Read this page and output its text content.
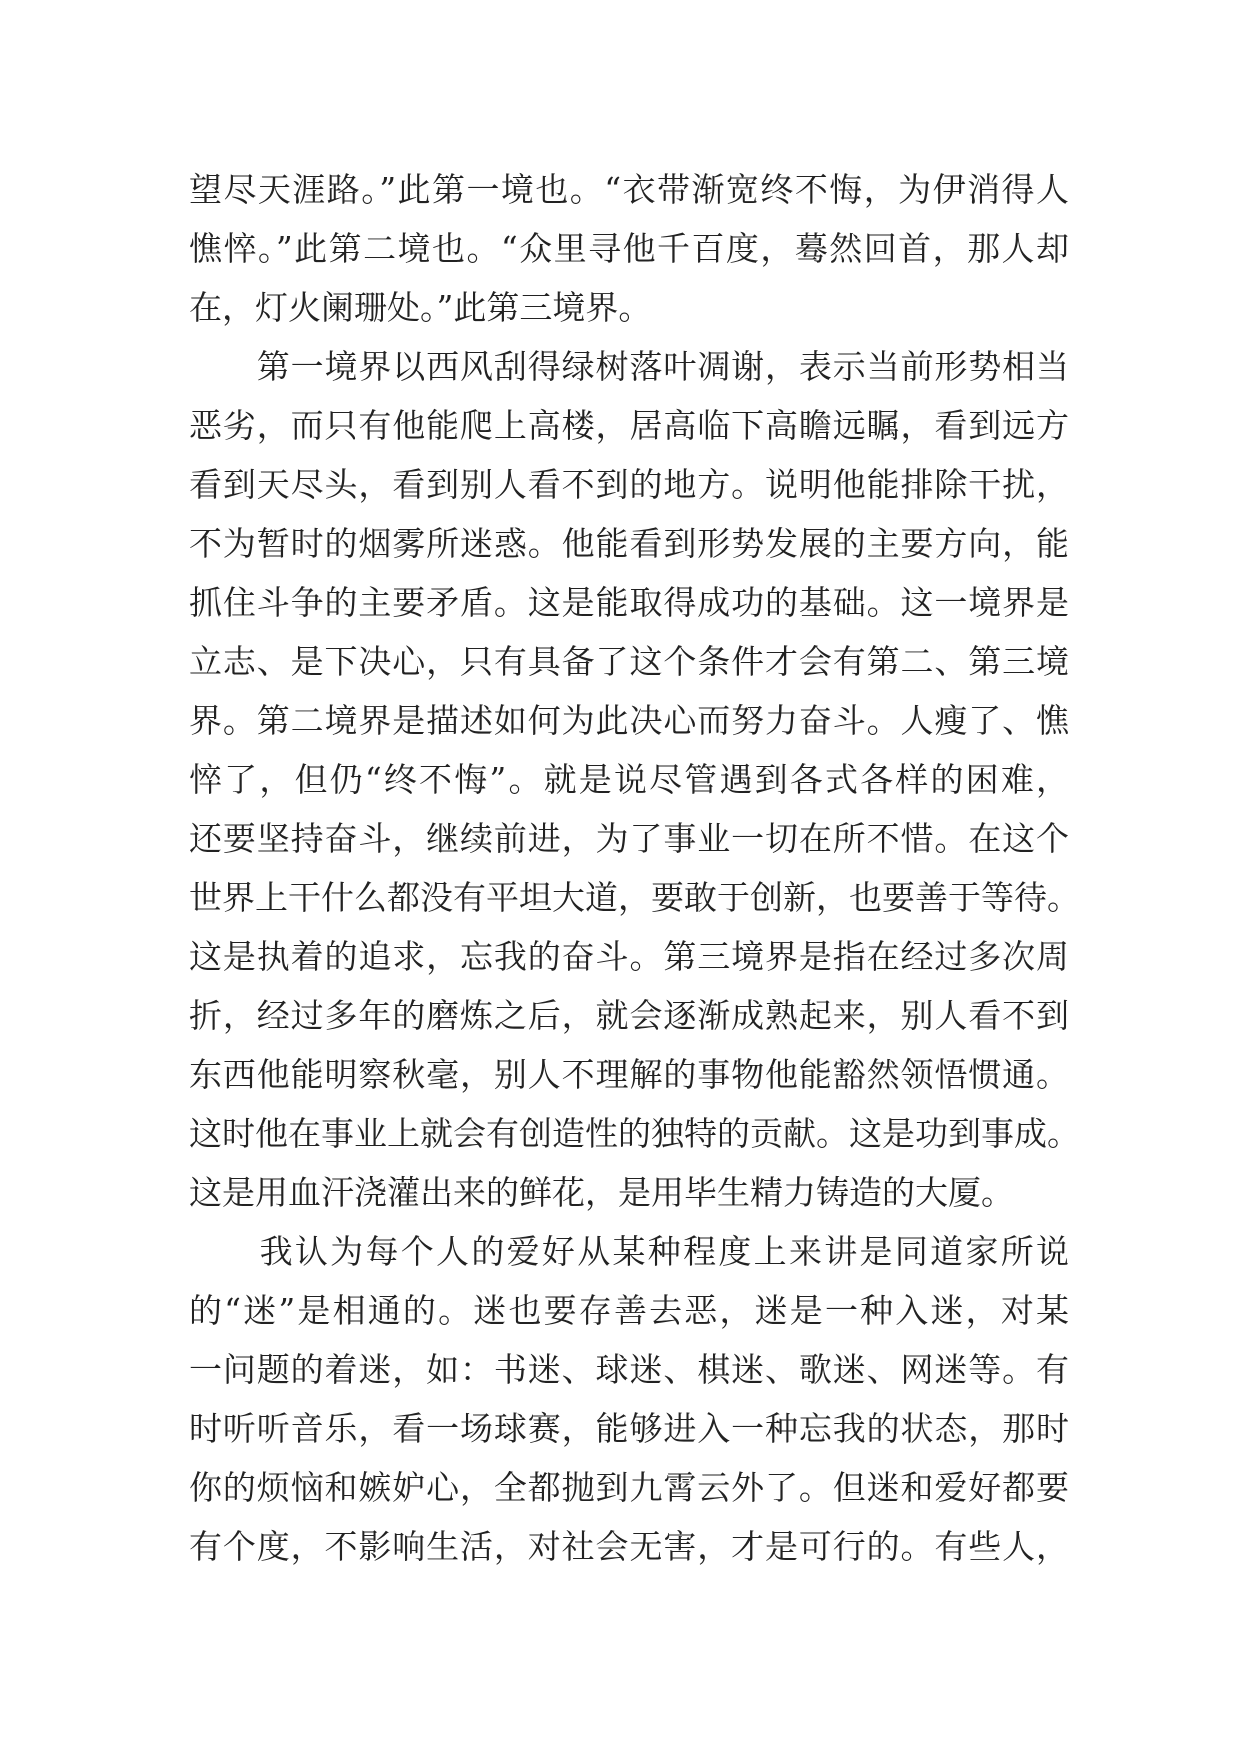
望尽天涯路。”此第一境也。“衣带渐宽终不悔，为伊消得人
憔悴。”此第二境也。“众里寻他千百度，蓦然回首，那人却
在，灯火阑珊处。”此第三境界。
　　第一境界以西风刮得绿树落叶凋谢，表示当前形势相当
恶劣，而只有他能爬上高楼，居高临下高瞻远瞩，看到远方
看到天尽头，看到别人看不到的地方。说明他能排除干扰，
不为暂时的烟雾所迷惑。他能看到形势发展的主要方向，能
抓住斗争的主要矛盾。这是能取得成功的基础。这一境界是
立志、是下决心，只有具备了这个条件才会有第二、第三境
界。第二境界是描述如何为此决心而努力奋斗。人瘦了、憔
悴了，但仍“终不悔”。就是说尽管遇到各式各样的困难，
还要坚持奋斗，继续前进，为了事业一切在所不惜。在这个
世界上干什么都没有平坦大道，要敢于创新，也要善于等待。
这是执着的追求，忘我的奋斗。第三境界是指在经过多次周
折，经过多年的磨炼之后，就会逐渐成熟起来，别人看不到
东西他能明察秋毫，别人不理解的事物他能豁然领悟惯通。
这时他在事业上就会有创造性的独特的贡献。这是功到事成。
这是用血汗浇灌出来的鲜花，是用毕生精力铸造的大厦。
　　我认为每个人的爱好从某种程度上来讲是同道家所说
的“迷”是相通的。迷也要存善去恶，迷是一种入迷，对某
一问题的着迷，如：书迷、球迷、棋迷、歌迷、网迷等。有
时听听音乐，看一场球赛，能够进入一种忘我的状态，那时
你的烦恼和嫉妒心，全都抛到九霄云外了。但迷和爱好都要
有个度，不影响生活，对社会无害，才是可行的。有些人，
